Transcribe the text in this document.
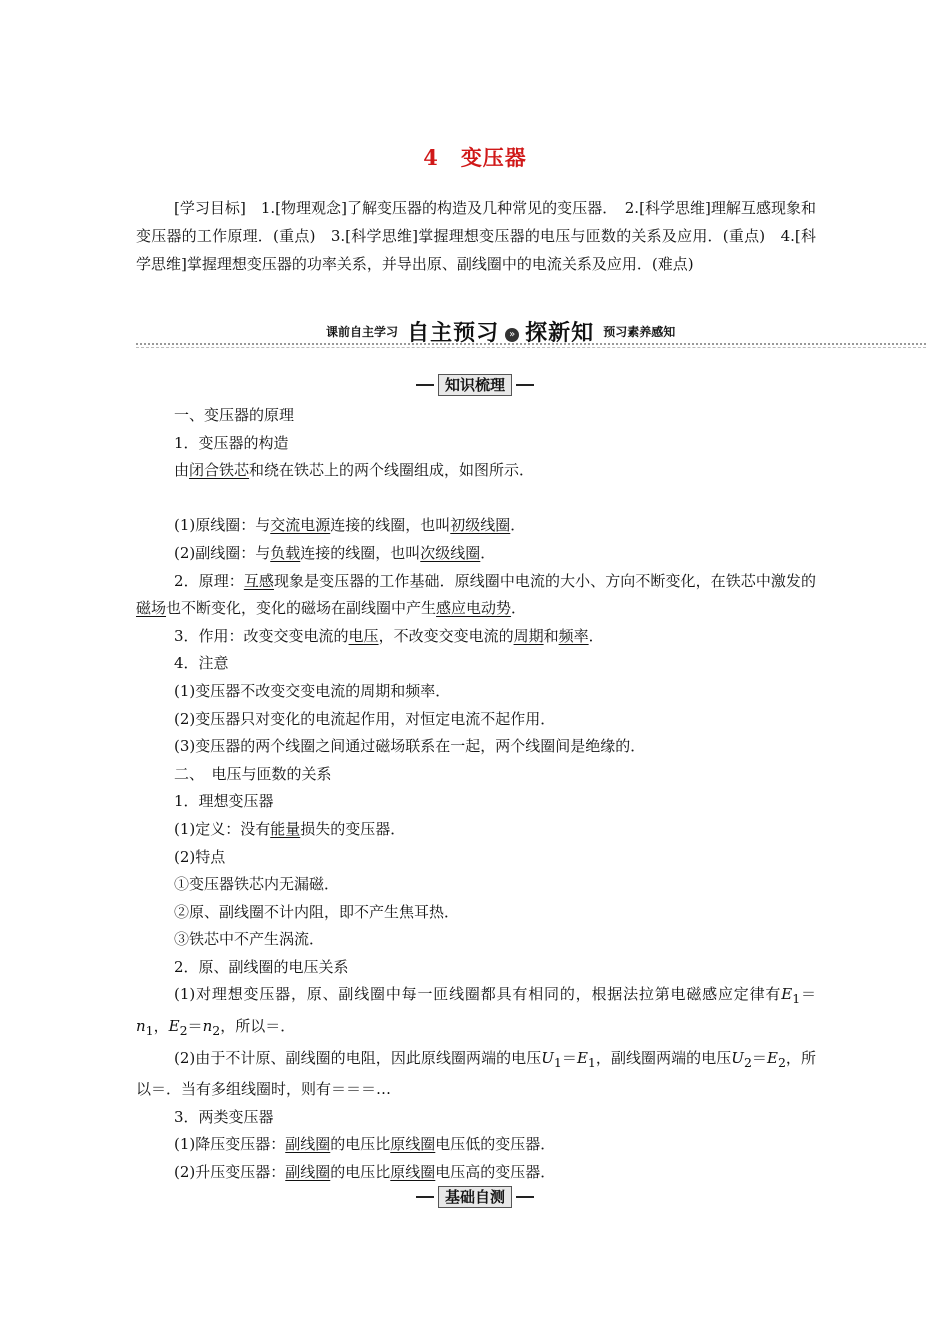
4 变压器
[学习目标]　1.[物理观念]了解变压器的构造及几种常见的变压器．　2.[科学思维]理解互感现象和变压器的工作原理．(重点)　3.[科学思维]掌握理想变压器的电压与匝数的关系及应用．(重点)　4.[科学思维]掌握理想变压器的功率关系，并导出原、副线圈中的电流关系及应用．(难点)
$^{课前自主学习}$ 自主预习 » 探新知 $^{预习素养感知}$
知识梳理

一、变压器的原理

1．变压器的构造

由闭合铁芯和绕在铁芯上的两个线圈组成，如图所示．

(1)原线圈：与交流电源连接的线圈，也叫初级线圈．

(2)副线圈：与负载连接的线圈，也叫次级线圈．

2．原理：互感现象是变压器的工作基础．原线圈中电流的大小、方向不断变化，在铁芯中激发的磁场也不断变化，变化的磁场在副线圈中产生感应电动势．

3．作用：改变交变电流的电压，不改变交变电流的周期和频率．

4．注意

(1)变压器不改变交变电流的周期和频率．

(2)变压器只对变化的电流起作用，对恒定电流不起作用．

(3)变压器的两个线圈之间通过磁场联系在一起，两个线圈间是绝缘的．

二、　电压与匝数的关系

1．理想变压器

(1)定义：没有能量损失的变压器．

(2)特点

①变压器铁芯内无漏磁．

②原、副线圈不计内阻，即不产生焦耳热．

③铁芯中不产生涡流．

2．原、副线圈的电压关系

(1)对理想变压器，原、副线圈中每一匝线圈都具有相同的，根据法拉第电磁感应定律有$E_1=n_1$，$E_2=n_2$，所以＝．

(2)由于不计原、副线圈的电阻，因此原线圈两端的电压$U_1=E_1$，副线圈两端的电压$U_2=E_2$，所以＝．当有多组线圈时，则有＝＝＝…

3．两类变压器

(1)降压变压器：副线圈的电压比原线圈电压低的变压器．

(2)升压变压器：副线圈的电压比原线圈电压高的变压器．

基础自测
